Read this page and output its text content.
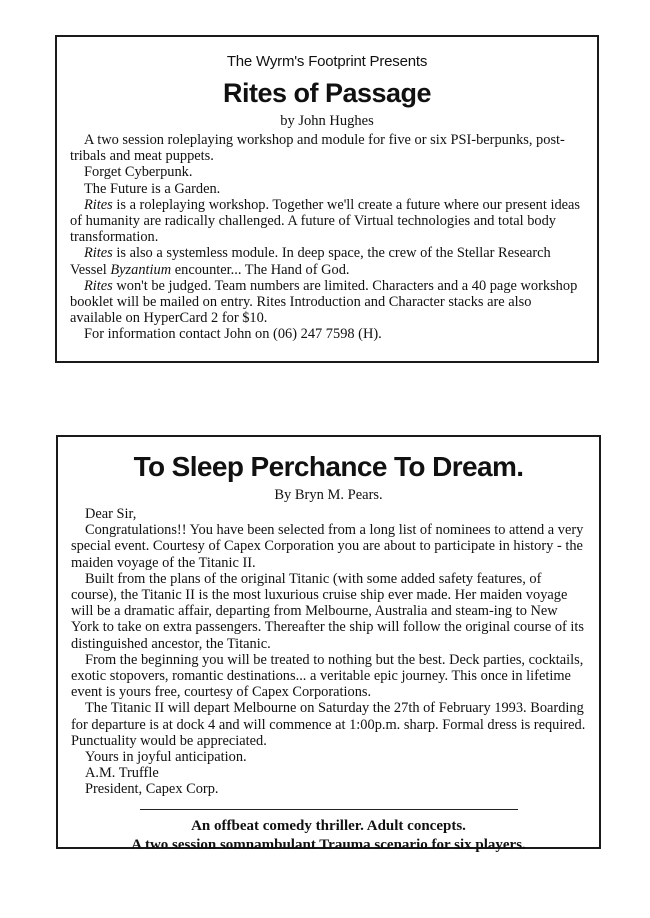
The Wyrm's Footprint Presents
Rites of Passage
by John Hughes

A two session roleplaying workshop and module for five or six PSI-berpunks, post-tribals and meat puppets.

Forget Cyberpunk.

The Future is a Garden.

Rites is a roleplaying workshop. Together we'll create a future where our present ideas of humanity are radically challenged. A future of Virtual technologies and total body transformation.

Rites is also a systemless module. In deep space, the crew of the Stellar Research Vessel Byzantium encounter... The Hand of God.

Rites won't be judged. Team numbers are limited. Characters and a 40 page workshop booklet will be mailed on entry. Rites Introduction and Character stacks are also available on HyperCard 2 for $10.

For information contact John on (06) 247 7598 (H).

To Sleep Perchance To Dream.
By Bryn M. Pears.

Dear Sir,

Congratulations!! You have been selected from a long list of nominees to attend a very special event. Courtesy of Capex Corporation you are about to participate in history - the maiden voyage of the Titanic II.

Built from the plans of the original Titanic (with some added safety features, of course), the Titanic II is the most luxurious cruise ship ever made. Her maiden voyage will be a dramatic affair, departing from Melbourne, Australia and steam-ing to New York to take on extra passengers. Thereafter the ship will follow the original course of its distinguished ancestor, the Titanic.

From the beginning you will be treated to nothing but the best. Deck parties, cocktails, exotic stopovers, romantic destinations... a veritable epic journey. This once in lifetime event is yours free, courtesy of Capex Corporations.

The Titanic II will depart Melbourne on Saturday the 27th of February 1993. Boarding for departure is at dock 4 and will commence at 1:00p.m. sharp. Formal dress is required. Punctuality would be appreciated.

Yours in joyful anticipation.

A.M. Truffle

President, Capex Corp.

An offbeat comedy thriller. Adult concepts.
A two session somnambulant Trauma scenario for six players.
